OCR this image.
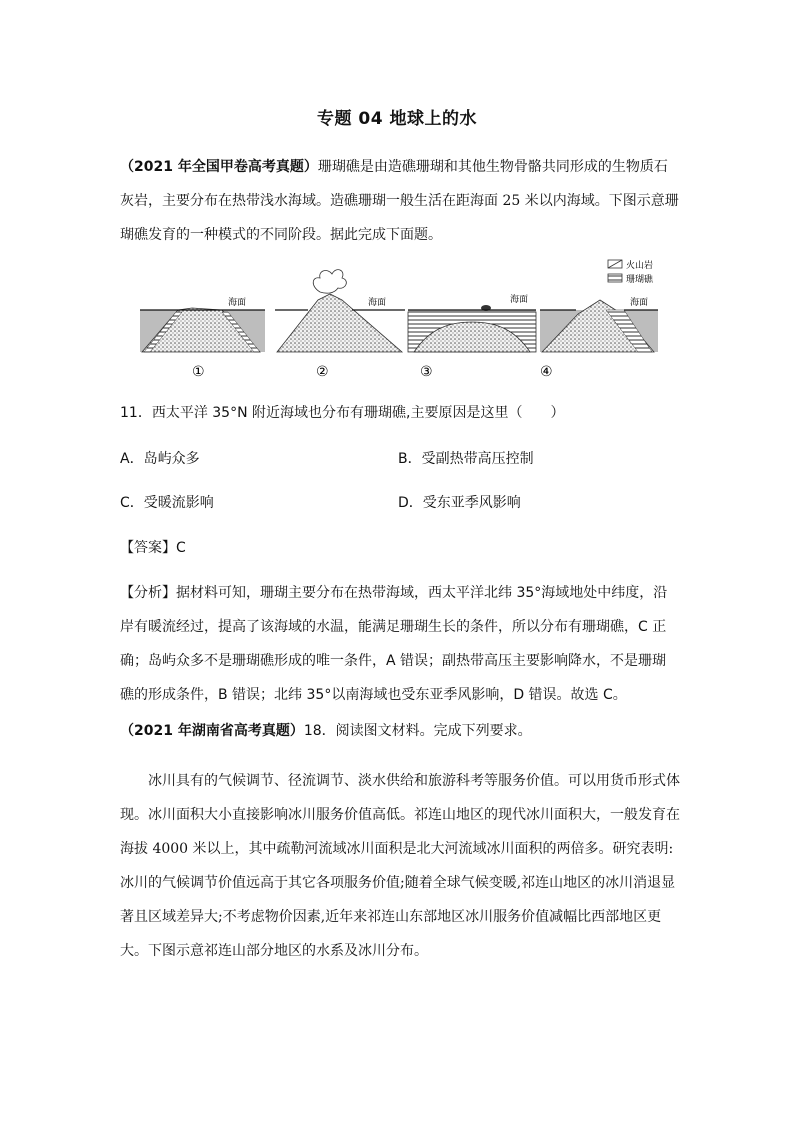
专题 04 地球上的水
（2021 年全国甲卷高考真题）珊瑚礁是由造礁珊瑚和其他生物骨骼共同形成的生物质石灰岩，主要分布在热带浅水海域。造礁珊瑚一般生活在距海面 25 米以内海域。下图示意珊瑚礁发育的一种模式的不同阶段。据此完成下面题。
火山岩
珊瑚礁
海面
①
海面
②
海面
③
海面
④
11．西太平洋 35°N 附近海域也分布有珊瑚礁,主要原因是这里（　　）
A．岛屿众多	B．受副热带高压控制
C．受暖流影响	D．受东亚季风影响
【答案】C
【分析】据材料可知，珊瑚主要分布在热带海域，西太平洋北纬 35°海域地处中纬度，沿岸有暖流经过，提高了该海域的水温，能满足珊瑚生长的条件，所以分布有珊瑚礁，C 正确；岛屿众多不是珊瑚礁形成的唯一条件，A 错误；副热带高压主要影响降水，不是珊瑚礁的形成条件，B 错误；北纬 35°以南海域也受东亚季风影响，D 错误。故选 C。
（2021 年湖南省高考真题）18．阅读图文材料。完成下列要求。
冰川具有的气候调节、径流调节、淡水供给和旅游科考等服务价值。可以用货币形式体现。冰川面积大小直接影响冰川服务价值高低。祁连山地区的现代冰川面积大，一般发育在海拔 4000 米以上，其中疏勒河流域冰川面积是北大河流域冰川面积的两倍多。研究表明:冰川的气候调节价值远高于其它各项服务价值;随着全球气候变暖,祁连山地区的冰川消退显著且区域差异大;不考虑物价因素,近年来祁连山东部地区冰川服务价值减幅比西部地区更大。下图示意祁连山部分地区的水系及冰川分布。
